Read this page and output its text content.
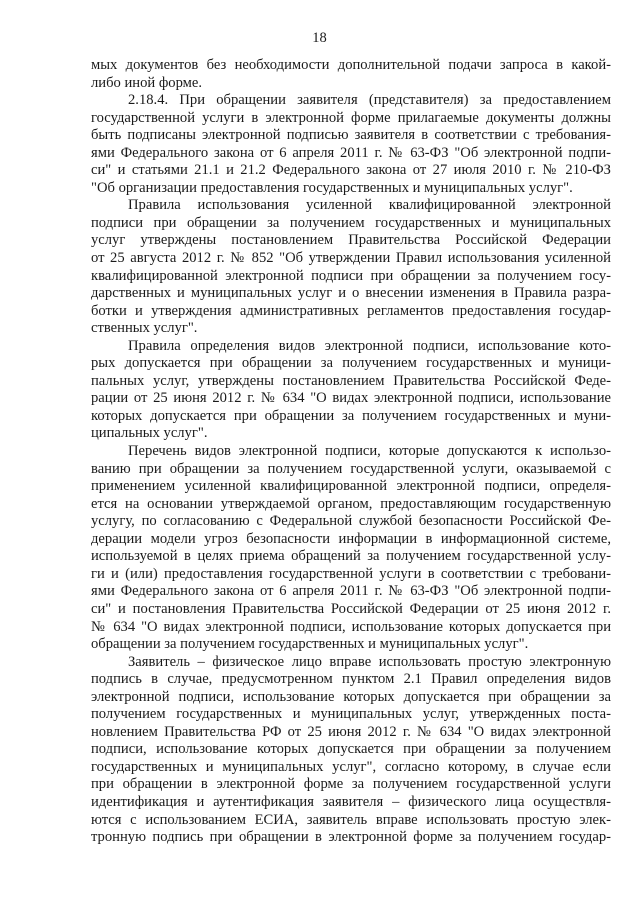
18
мых документов без необходимости дополнительной подачи запроса в какой-
либо иной форме.
2.18.4. При обращении заявителя (представителя) за предоставлением
государственной услуги в электронной форме прилагаемые документы должны
быть подписаны электронной подписью заявителя в соответствии с требования-
ями Федерального закона от 6 апреля 2011 г. № 63-ФЗ "Об электронной подпи-
си" и статьями 21.1 и 21.2 Федерального закона от 27 июля 2010 г. № 210-ФЗ
"Об организации предоставления государственных и муниципальных услуг".
Правила использования усиленной квалифицированной электронной
подписи при обращении за получением государственных и муниципальных
услуг утверждены постановлением Правительства Российской Федерации
от 25 августа 2012 г. № 852 "Об утверждении Правил использования усиленной
квалифицированной электронной подписи при обращении за получением госу-
дарственных и муниципальных услуг и о внесении изменения в Правила разра-
ботки и утверждения административных регламентов предоставления государ-
ственных услуг".
Правила определения видов электронной подписи, использование кото-
рых допускается при обращении за получением государственных и муници-
пальных услуг, утверждены постановлением Правительства Российской Феде-
рации от 25 июня 2012 г. № 634 "О видах электронной подписи, использование
которых допускается при обращении за получением государственных и муни-
ципальных услуг".
Перечень видов электронной подписи, которые допускаются к использо-
ванию при обращении за получением государственной услуги, оказываемой с
применением усиленной квалифицированной электронной подписи, определя-
ется на основании утверждаемой органом, предоставляющим государственную
услугу, по согласованию с Федеральной службой безопасности Российской Фе-
дерации модели угроз безопасности информации в информационной системе,
используемой в целях приема обращений за получением государственной услу-
ги и (или) предоставления государственной услуги в соответствии с требовани-
ями Федерального закона от 6 апреля 2011 г. № 63-ФЗ "Об электронной подпи-
си" и постановления Правительства Российской Федерации от 25 июня 2012 г.
№ 634 "О видах электронной подписи, использование которых допускается при
обращении за получением государственных и муниципальных услуг".
Заявитель – физическое лицо вправе использовать простую электронную
подпись в случае, предусмотренном пунктом 2.1 Правил определения видов
электронной подписи, использование которых допускается при обращении за
получением государственных и муниципальных услуг, утвержденных поста-
новлением Правительства РФ от 25 июня 2012 г. № 634 "О видах электронной
подписи, использование которых допускается при обращении за получением
государственных и муниципальных услуг", согласно которому, в случае если
при обращении в электронной форме за получением государственной услуги
идентификация и аутентификация заявителя – физического лица осуществля-
ются с использованием ЕСИА, заявитель вправе использовать простую элек-
тронную подпись при обращении в электронной форме за получением государ-
